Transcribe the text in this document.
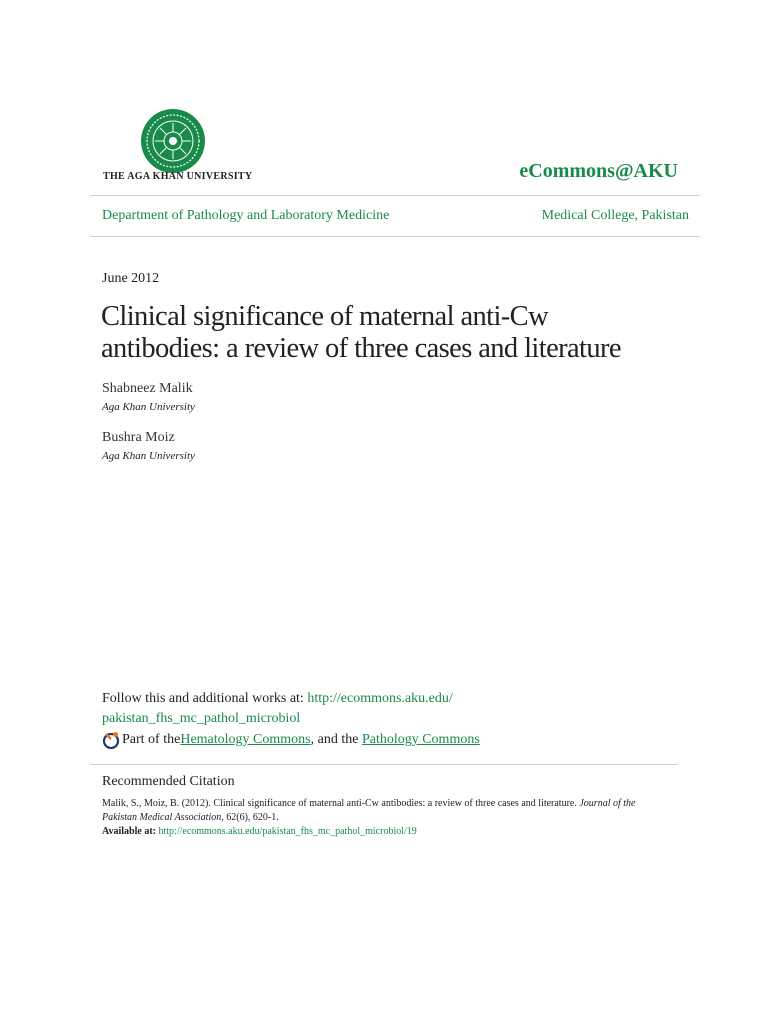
THE AGA KHAN UNIVERSITY	eCommons@AKU
Department of Pathology and Laboratory Medicine	Medical College, Pakistan
June 2012
Clinical significance of maternal anti-Cw
antibodies: a review of three cases and literature
Shabneez Malik
Aga Khan University
Bushra Moiz
Aga Khan University
Follow this and additional works at: http://ecommons.aku.edu/
pakistan_fhs_mc_pathol_microbiol
Part of the Hematology Commons , and the Pathology Commons
Recommended Citation
Malik, S., Moiz, B. (2012). Clinical significance of maternal anti-Cw antibodies: a review of three cases and literature. Journal of the Pakistan Medical Association, 62(6), 620-1.
Available at: http://ecommons.aku.edu/pakistan_fhs_mc_pathol_microbiol/19
